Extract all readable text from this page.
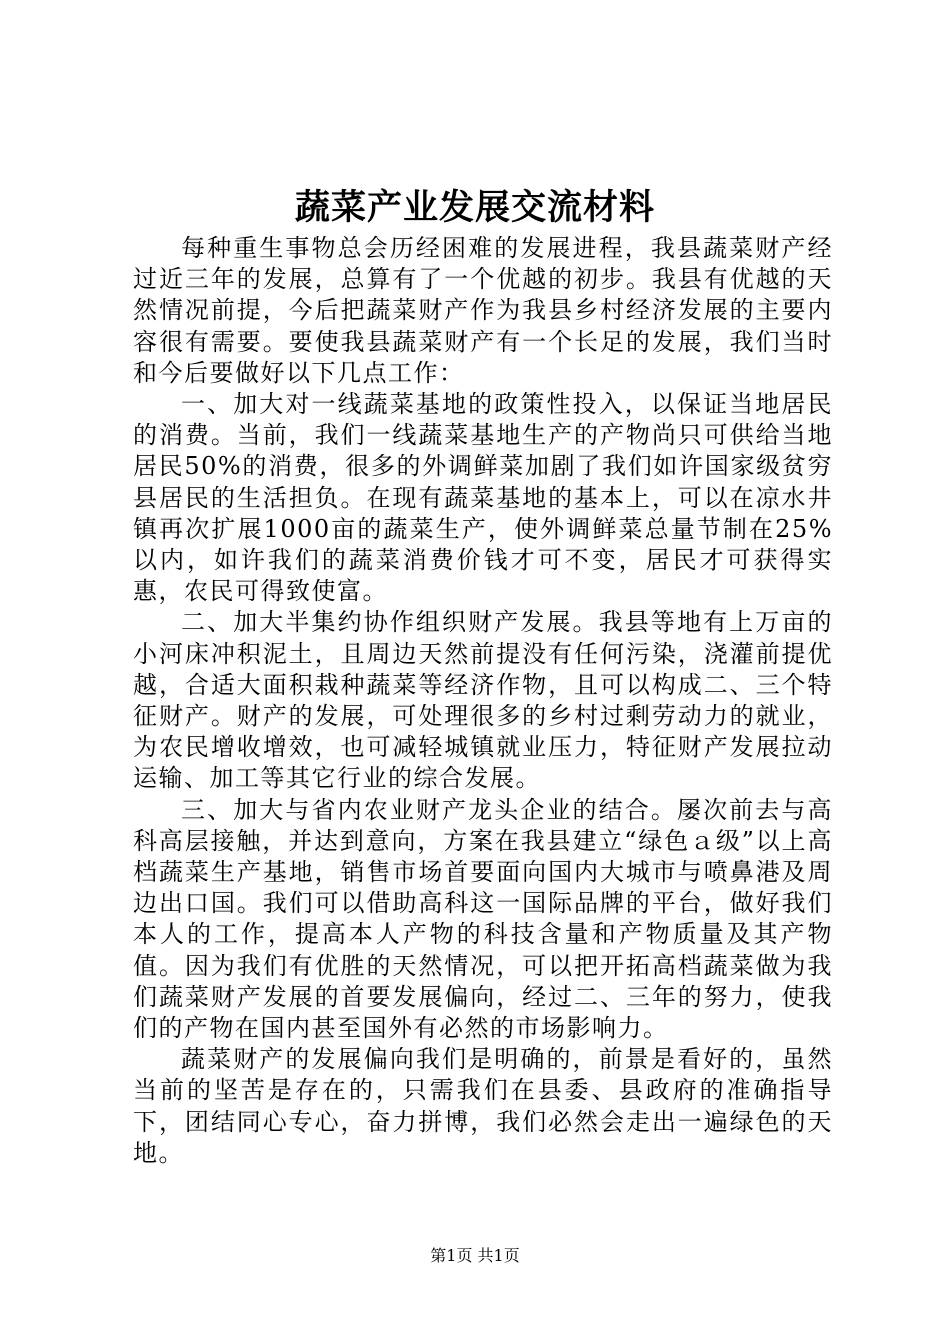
蔬菜产业发展交流材料

每种重生事物总会历经困难的发展进程，我县蔬菜财产经过近三年的发展，总算有了一个优越的初步。我县有优越的天然情况前提，今后把蔬菜财产作为我县乡村经济发展的主要内容很有需要。要使我县蔬菜财产有一个长足的发展，我们当时和今后要做好以下几点工作：

一、加大对一线蔬菜基地的政策性投入，以保证当地居民的消费。当前，我们一线蔬菜基地生产的产物尚只可供给当地居民50%的消费，很多的外调鲜菜加剧了我们如许国家级贫穷县居民的生活担负。在现有蔬菜基地的基本上，可以在凉水井镇再次扩展1000亩的蔬菜生产，使外调鲜菜总量节制在25%以内，如许我们的蔬菜消费价钱才可不变，居民才可获得实惠，农民可得致使富。

二、加大半集约协作组织财产发展。我县等地有上万亩的小河床冲积泥土，且周边天然前提没有任何污染，浇灌前提优越，合适大面积栽种蔬菜等经济作物，且可以构成二、三个特征财产。财产的发展，可处理很多的乡村过剩劳动力的就业，为农民增收增效，也可减轻城镇就业压力，特征财产发展拉动运输、加工等其它行业的综合发展。

三、加大与省内农业财产龙头企业的结合。屡次前去与高科高层接触，并达到意向，方案在我县建立“绿色ａ级”以上高档蔬菜生产基地，销售市场首要面向国内大城市与喷鼻港及周边出口国。我们可以借助高科这一国际品牌的平台，做好我们本人的工作，提高本人产物的科技含量和产物质量及其产物值。因为我们有优胜的天然情况，可以把开拓高档蔬菜做为我们蔬菜财产发展的首要发展偏向，经过二、三年的努力，使我们的产物在国内甚至国外有必然的市场影响力。

蔬菜财产的发展偏向我们是明确的，前景是看好的，虽然当前的坚苦是存在的，只需我们在县委、县政府的准确指导下，团结同心专心，奋力拼博，我们必然会走出一遍绿色的天地。

第1页 共1页
